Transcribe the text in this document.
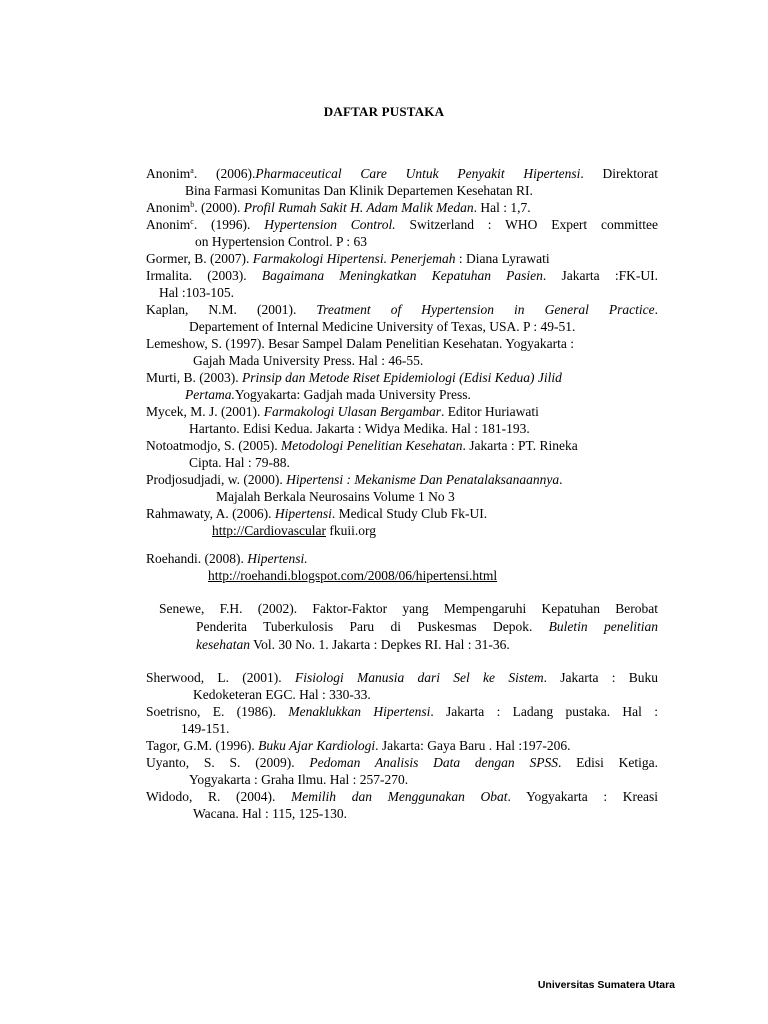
DAFTAR PUSTAKA
Anonim$^a$. (2006).Pharmaceutical Care Untuk Penyakit Hipertensi. Direktorat
Bina Farmasi Komunitas Dan Klinik Departemen Kesehatan RI.
Anonim$^b$. (2000). Profil Rumah Sakit H. Adam Malik Medan. Hal : 1,7.
Anonim$^c$. (1996). Hypertension Control. Switzerland : WHO Expert committee
on Hypertension Control. P : 63
Gormer, B. (2007). Farmakologi Hipertensi. Penerjemah : Diana Lyrawati
Irmalita. (2003). Bagaimana Meningkatkan Kepatuhan Pasien. Jakarta :FK-UI.
Hal :103-105.
Kaplan, N.M. (2001). Treatment of Hypertension in General Practice.
Departement of Internal Medicine University of Texas, USA. P : 49-51.
Lemeshow, S. (1997). Besar Sampel Dalam Penelitian Kesehatan. Yogyakarta :
Gajah Mada University Press. Hal : 46-55.
Murti, B. (2003). Prinsip dan Metode Riset Epidemiologi (Edisi Kedua) Jilid
Pertama.Yogyakarta: Gadjah mada University Press.
Mycek, M. J. (2001). Farmakologi Ulasan Bergambar. Editor Huriawati
Hartanto. Edisi Kedua. Jakarta : Widya Medika. Hal : 181-193.
Notoatmodjo, S. (2005). Metodologi Penelitian Kesehatan. Jakarta : PT. Rineka
Cipta. Hal : 79-88.
Prodjosudjadi, w. (2000). Hipertensi : Mekanisme Dan Penatalaksanaannya.
Majalah Berkala Neurosains Volume 1 No 3
Rahmawaty, A. (2006). Hipertensi. Medical Study Club Fk-UI.
http://Cardiovascular fkuii.org
Roehandi. (2008). Hipertensi.
http://roehandi.blogspot.com/2008/06/hipertensi.html
Senewe, F.H. (2002). Faktor-Faktor yang Mempengaruhi Kepatuhan Berobat
Penderita Tuberkulosis Paru di Puskesmas Depok. Buletin penelitian
kesehatan Vol. 30 No. 1. Jakarta : Depkes RI. Hal : 31-36.
Sherwood, L. (2001). Fisiologi Manusia dari Sel ke Sistem. Jakarta : Buku
Kedoketeran EGC. Hal : 330-33.
Soetrisno, E. (1986). Menaklukkan Hipertensi. Jakarta : Ladang pustaka. Hal :
149-151.
Tagor, G.M. (1996). Buku Ajar Kardiologi. Jakarta: Gaya Baru . Hal :197-206.
Uyanto, S. S. (2009). Pedoman Analisis Data dengan SPSS. Edisi Ketiga.
Yogyakarta : Graha Ilmu. Hal : 257-270.
Widodo, R. (2004). Memilih dan Menggunakan Obat. Yogyakarta : Kreasi
Wacana. Hal : 115, 125-130.
Universitas Sumatera Utara
